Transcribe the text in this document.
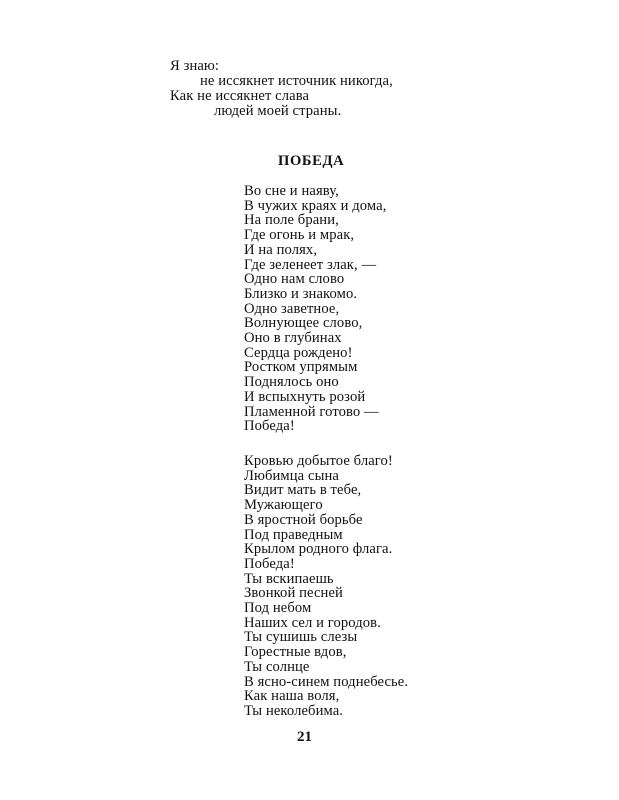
Я знаю:
не иссякнет источник никогда,
Как не иссякнет слава
людей моей страны.
ПОБЕДА
Во сне и наяву,
В чужих краях и дома,
На поле брани,
Где огонь и мрак,
И на полях,
Где зеленеет злак, —
Одно нам слово
Близко и знакомо.
Одно заветное,
Волнующее слово,
Оно в глубинах
Сердца рождено!
Ростком упрямым
Поднялось оно
И вспыхнуть розой
Пламенной готово —
Победа!
Кровью добытое благо!
Любимца сына
Видит мать в тебе,
Мужающего
В яростной борьбе
Под праведным
Крылом родного флага.
Победа!
Ты вскипаешь
Звонкой песней
Под небом
Наших сел и городов.
Ты сушишь слезы
Горестные вдов,
Ты солнце
В ясно-синем поднебесье.
Как наша воля,
Ты неколебима.
21
